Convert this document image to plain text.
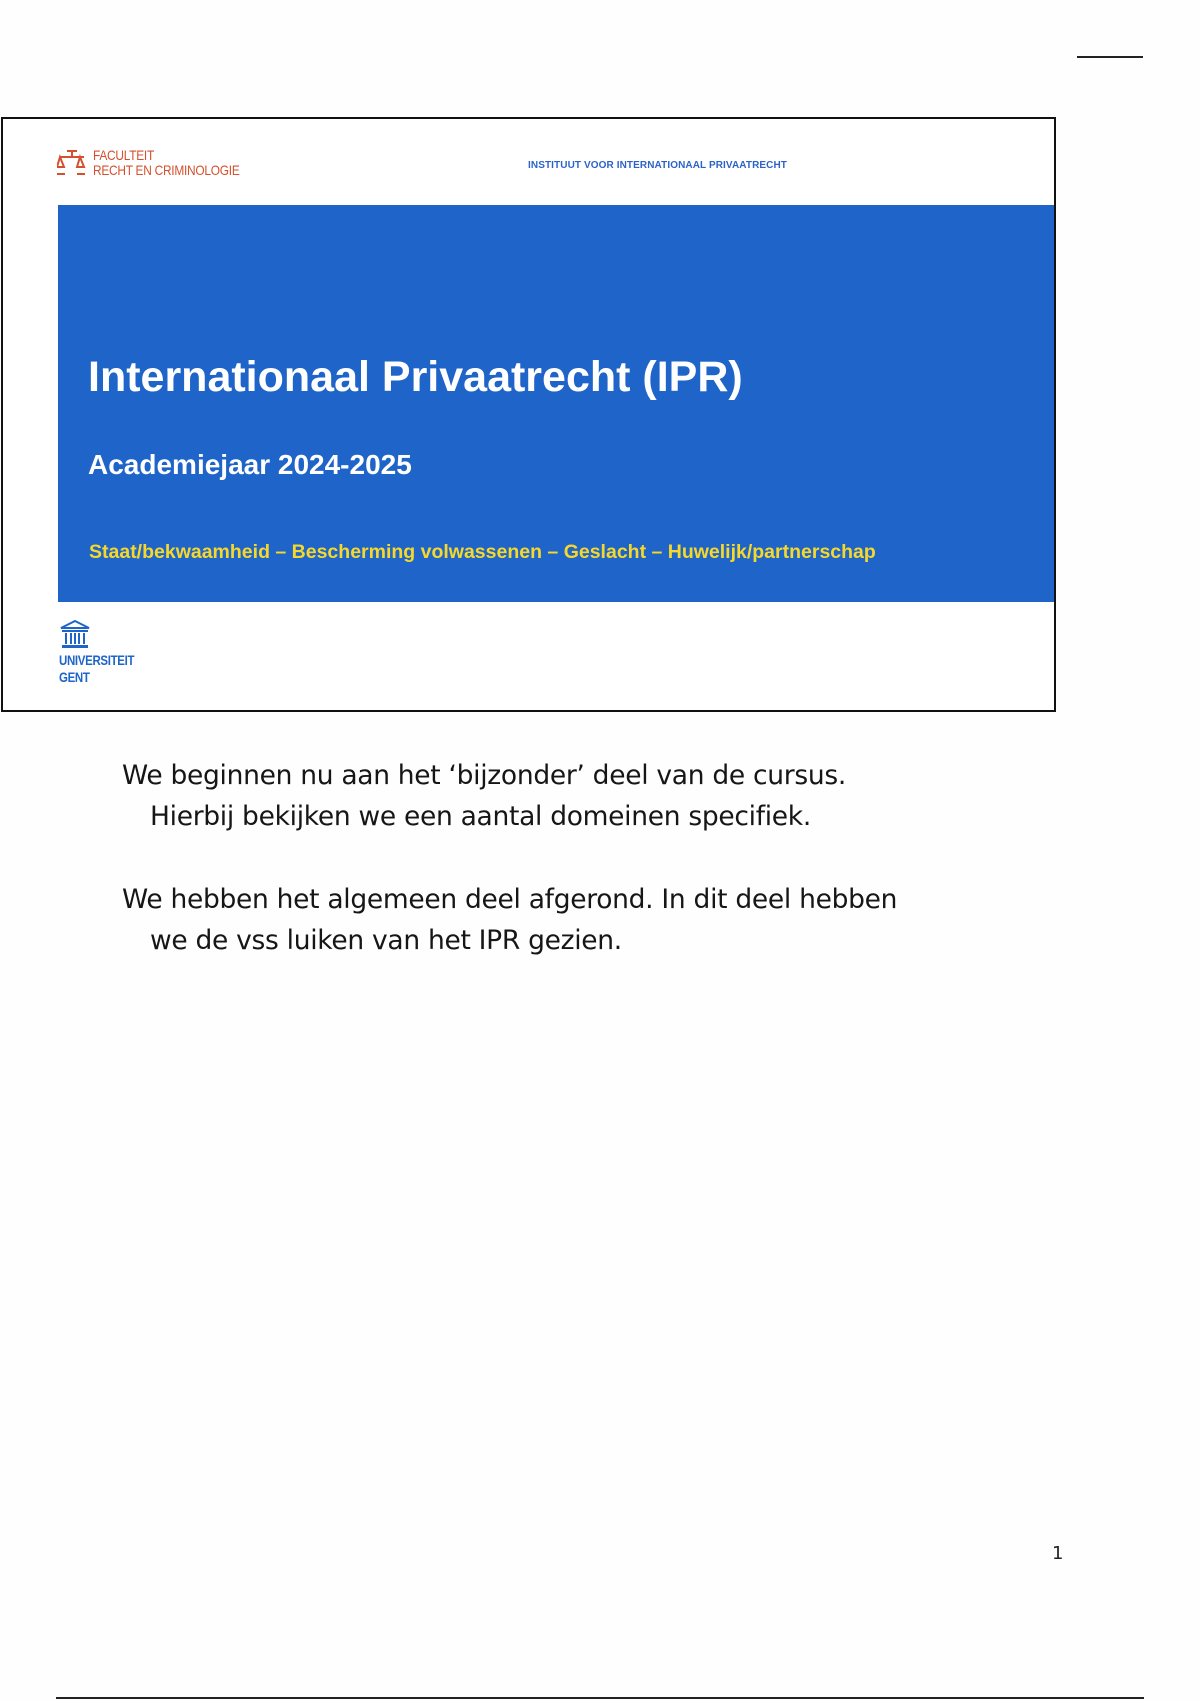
FACULTEIT
RECHT EN CRIMINOLOGIE	INSTITUUT VOOR INTERNATIONAAL PRIVAATRECHT
Internationaal Privaatrecht (IPR)
Academiejaar 2024-2025
Staat/bekwaamheid – Bescherming volwassenen – Geslacht – Huwelijk/partnerschap
UNIVERSITEIT
GENT

We beginnen nu aan het ‘bijzonder’ deel van de cursus.
Hierbij bekijken we een aantal domeinen specifiek.

We hebben het algemeen deel afgerond. In dit deel hebben
we de vss luiken van het IPR gezien.

1
